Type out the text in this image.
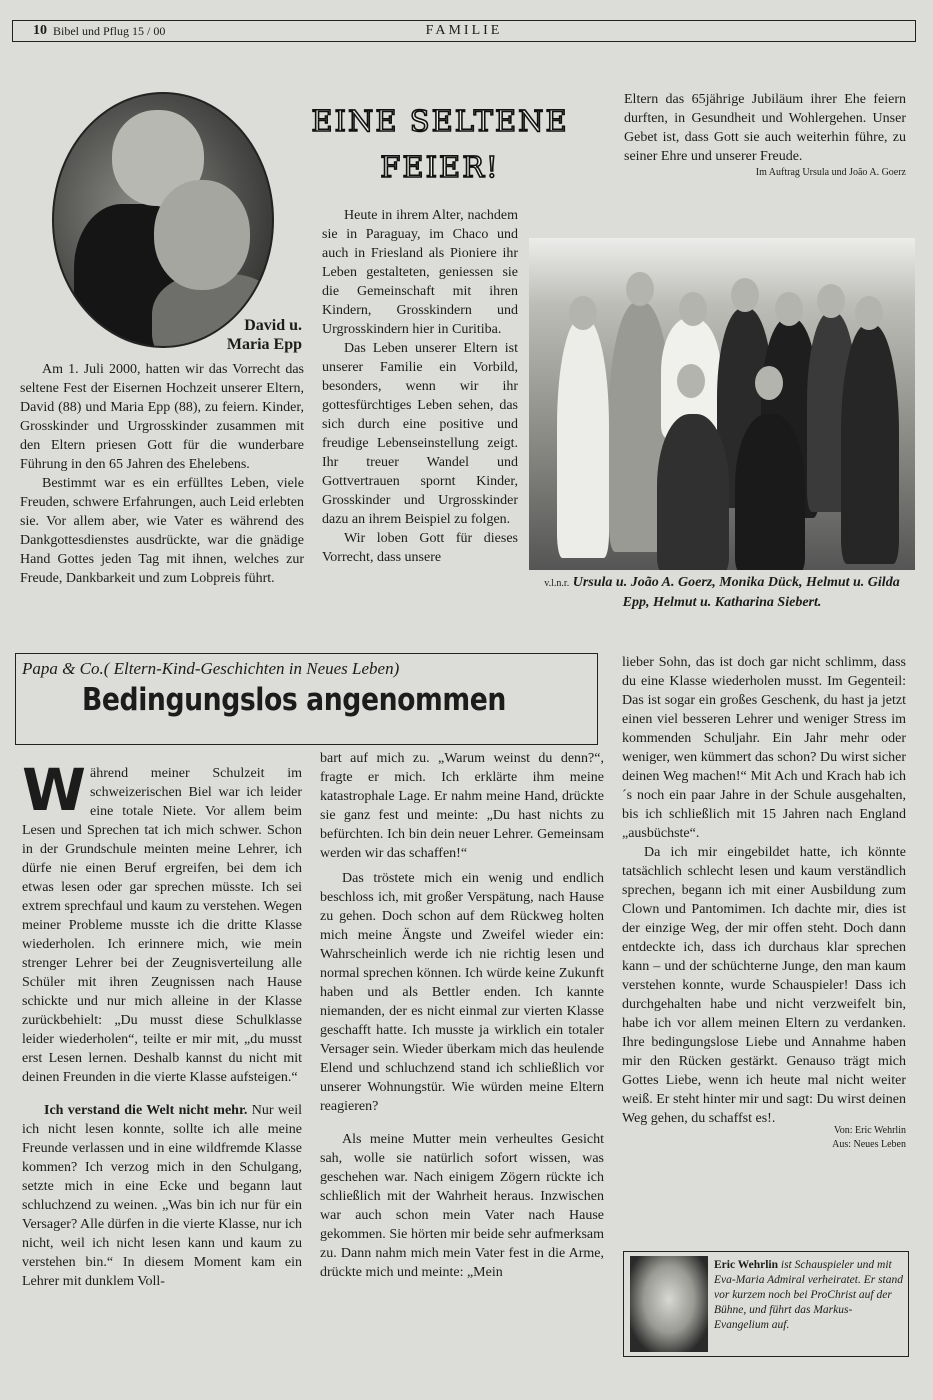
10 Bibel und Pflug 15 / 00	FAMILIE
David u.
Maria Epp
EINE SELTENE
FEIER!

Am 1. Juli 2000, hatten wir das Vorrecht das seltene Fest der Eisernen Hochzeit unserer Eltern, David (88) und Maria Epp (88), zu feiern. Kinder, Grosskinder und Urgrosskinder zusammen mit den Eltern priesen Gott für die wunderbare Führung in den 65 Jahren des Ehelebens.

Bestimmt war es ein erfülltes Leben, viele Freuden, schwere Erfahrungen, auch Leid erlebten sie. Vor allem aber, wie Vater es während des Dankgottesdienstes ausdrückte, war die gnädige Hand Gottes jeden Tag mit ihnen, welches zur Freude, Dankbarkeit und zum Lobpreis führt.

Heute in ihrem Alter, nachdem sie in Paraguay, im Chaco und auch in Friesland als Pioniere ihr Leben gestalteten, geniessen sie die Gemeinschaft mit ihren Kindern, Grosskindern und Urgrosskindern hier in Curitiba.

Das Leben unserer Eltern ist unserer Familie ein Vorbild, besonders, wenn wir ihr gottesfürchtiges Leben sehen, das sich durch eine positive und freudige Lebenseinstellung zeigt. Ihr treuer Wandel und Gottvertrauen spornt Kinder, Grosskinder und Urgrosskinder dazu an ihrem Beispiel zu folgen.

Wir loben Gott für dieses Vorrecht, dass unsere

Eltern das 65jährige Jubiläum ihrer Ehe feiern durften, in Gesundheit und Wohlergehen. Unser Gebet ist, dass Gott sie auch weiterhin führe, zu seiner Ehre und unserer Freude.

Im Auftrag Ursula und João A. Goerz
v.l.n.r. Ursula u. João A. Goerz, Monika Dück, Helmut u. Gilda Epp, Helmut u. Katharina Siebert.
Papa & Co.( Eltern-Kind-Geschichten in Neues Leben)
Bedingungslos angenommen

Während meiner Schulzeit im schweizerischen Biel war ich leider eine totale Niete. Vor allem beim Lesen und Sprechen tat ich mich schwer. Schon in der Grundschule meinten meine Lehrer, ich dürfe nie einen Beruf ergreifen, bei dem ich etwas lesen oder gar sprechen müsste. Ich sei extrem sprechfaul und kaum zu verstehen. Wegen meiner Probleme musste ich die dritte Klasse wiederholen. Ich erinnere mich, wie mein strenger Lehrer bei der Zeugnisverteilung alle Schüler mit ihren Zeugnissen nach Hause schickte und nur mich alleine in der Klasse zurückbehielt: „Du musst diese Schulklasse leider wiederholen“, teilte er mir mit, „du musst erst Lesen lernen. Deshalb kannst du nicht mit deinen Freunden in die vierte Klasse aufsteigen.“

Ich verstand die Welt nicht mehr. Nur weil ich nicht lesen konnte, sollte ich alle meine Freunde verlassen und in eine wildfremde Klasse kommen? Ich verzog mich in den Schulgang, setzte mich in eine Ecke und begann laut schluchzend zu weinen. „Was bin ich nur für ein Versager? Alle dürfen in die vierte Klasse, nur ich nicht, weil ich nicht lesen kann und kaum zu verstehen bin.“ In diesem Moment kam ein Lehrer mit dunklem Voll-

bart auf mich zu. „Warum weinst du denn?“, fragte er mich. Ich erklärte ihm meine katastrophale Lage. Er nahm meine Hand, drückte sie ganz fest und meinte: „Du hast nichts zu befürchten. Ich bin dein neuer Lehrer. Gemeinsam werden wir das schaffen!“

Das tröstete mich ein wenig und endlich beschloss ich, mit großer Verspätung, nach Hause zu gehen. Doch schon auf dem Rückweg holten mich meine Ängste und Zweifel wieder ein: Wahrscheinlich werde ich nie richtig lesen und normal sprechen können. Ich würde keine Zukunft haben und als Bettler enden. Ich kannte niemanden, der es nicht einmal zur vierten Klasse geschafft hatte. Ich musste ja wirklich ein totaler Versager sein. Wieder überkam mich das heulende Elend und schluchzend stand ich schließlich vor unserer Wohnungstür. Wie würden meine Eltern reagieren?

Als meine Mutter mein verheultes Gesicht sah, wolle sie natürlich sofort wissen, was geschehen war. Nach einigem Zögern rückte ich schließlich mit der Wahrheit heraus. Inzwischen war auch schon mein Vater nach Hause gekommen. Sie hörten mir beide sehr aufmerksam zu. Dann nahm mich mein Vater fest in die Arme, drückte mich und meinte: „Mein

lieber Sohn, das ist doch gar nicht schlimm, dass du eine Klasse wiederholen musst. Im Gegenteil: Das ist sogar ein großes Geschenk, du hast ja jetzt einen viel besseren Lehrer und weniger Stress im kommenden Schuljahr. Ein Jahr mehr oder weniger, wen kümmert das schon? Du wirst sicher deinen Weg machen!“ Mit Ach und Krach hab ich´s noch ein paar Jahre in der Schule ausgehalten, bis ich schließlich mit 15 Jahren nach England „ausbüchste“.

Da ich mir eingebildet hatte, ich könnte tatsächlich schlecht lesen und kaum verständlich sprechen, begann ich mit einer Ausbildung zum Clown und Pantomimen. Ich dachte mir, dies ist der einzige Weg, der mir offen steht. Doch dann entdeckte ich, dass ich durchaus klar sprechen kann – und der schüchterne Junge, den man kaum verstehen konnte, wurde Schauspieler! Dass ich durchgehalten habe und nicht verzweifelt bin, habe ich vor allem meinen Eltern zu verdanken. Ihre bedingungslose Liebe und Annahme haben mir den Rücken gestärkt. Genauso trägt mich Gottes Liebe, wenn ich heute mal nicht weiter weiß. Er steht hinter mir und sagt: Du wirst deinen Weg gehen, du schaffst es!.

Von: Eric Wehrlin
Aus: Neues Leben
Eric Wehrlin ist Schauspieler und mit Eva-Maria Admiral verheiratet. Er stand vor kurzem noch bei ProChrist auf der Bühne, und führt das Markus-Evangelium auf.
